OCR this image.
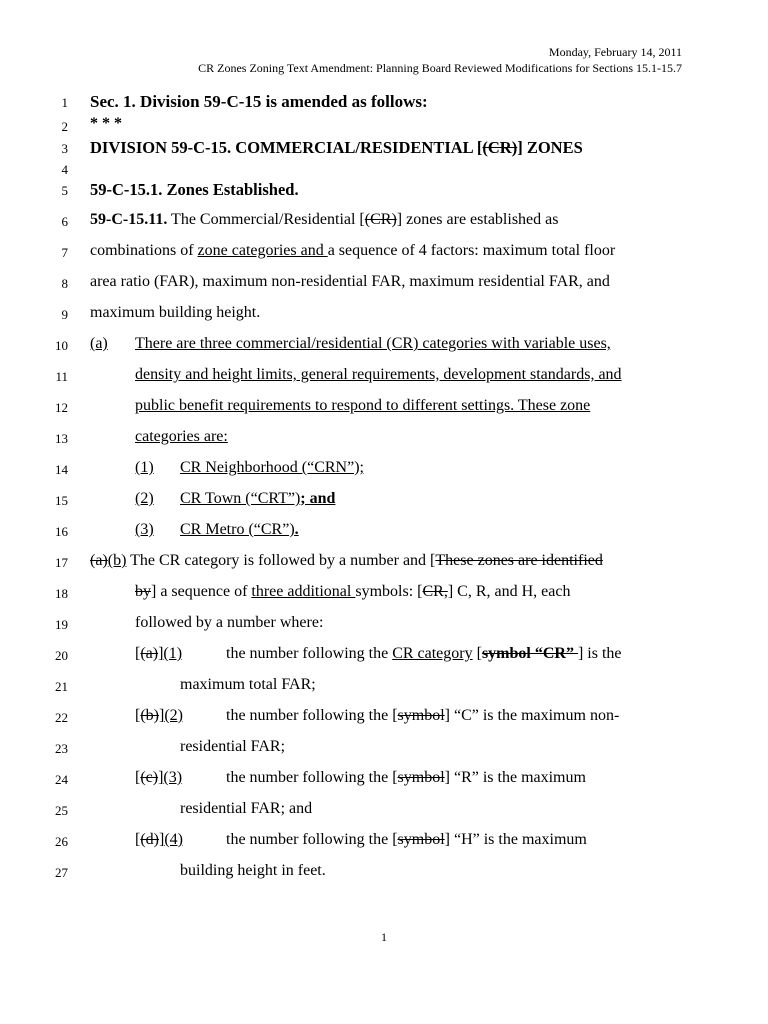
Monday, February 14, 2011
CR Zones Zoning Text Amendment: Planning Board Reviewed Modifications for Sections 15.1-15.7
1
2
3
4
5
6
7
8
9
10
11
12
13
14
15
16
17
18
19
20
21
22
23
24
25
26
27
Sec. 1. Division 59-C-15 is amended as follows:
* * *
DIVISION 59-C-15. COMMERCIAL/RESIDENTIAL [(CR)] ZONES
59-C-15.1. Zones Established.
59-C-15.11. The Commercial/Residential [(CR)] zones are established as
combinations of zone categories and a sequence of 4 factors: maximum total floor
area ratio (FAR), maximum non-residential FAR, maximum residential FAR, and
maximum building height.
(a) There are three commercial/residential (CR) categories with variable uses,
density and height limits, general requirements, development standards, and
public benefit requirements to respond to different settings. These zone
categories are:
(1) CR Neighborhood (“CRN”);
(2) CR Town (“CRT”); and
(3) CR Metro (“CR”).
(a)(b) The CR category is followed by a number and [These zones are identified
by] a sequence of three additional symbols: [CR,] C, R, and H, each
followed by a number where:
[(a)](1)	the number following the CR category [symbol “CR” ] is the
maximum total FAR;
[(b)](2)	the number following the [symbol] “C” is the maximum non-
residential FAR;
[(c)](3)	the number following the [symbol] “R” is the maximum
residential FAR; and
[(d)](4)	the number following the [symbol] “H” is the maximum
building height in feet.
1
